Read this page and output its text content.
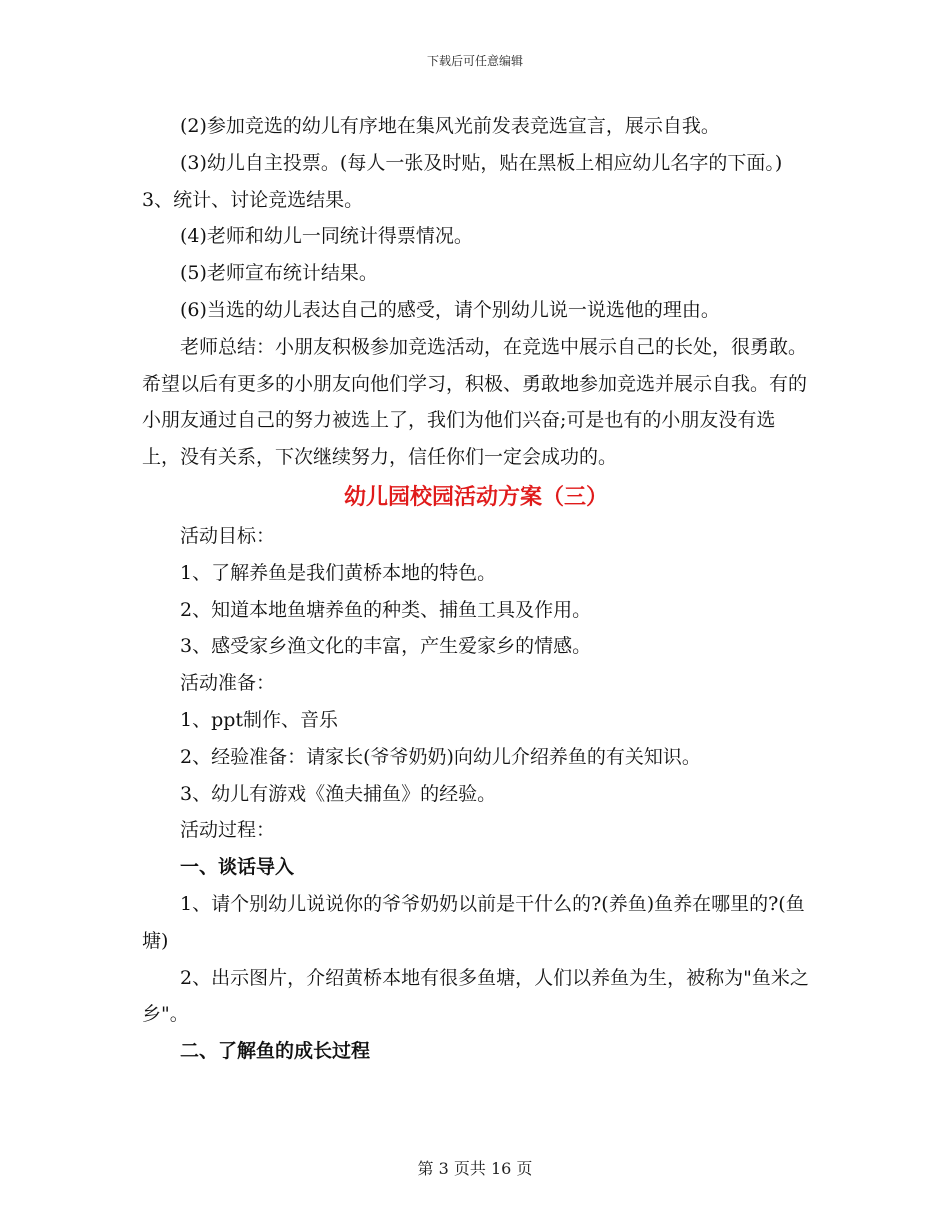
下载后可任意编辑

(2)参加竞选的幼儿有序地在集风光前发表竞选宣言，展示自我。

(3)幼儿自主投票。(每人一张及时贴，贴在黑板上相应幼儿名字的下面。)3、统计、讨论竞选结果。

(4)老师和幼儿一同统计得票情况。

(5)老师宣布统计结果。

(6)当选的幼儿表达自己的感受，请个别幼儿说一说选他的理由。

老师总结：小朋友积极参加竞选活动，在竞选中展示自己的长处，很勇敢。希望以后有更多的小朋友向他们学习，积极、勇敢地参加竞选并展示自我。有的小朋友通过自己的努力被选上了，我们为他们兴奋;可是也有的小朋友没有选上，没有关系，下次继续努力，信任你们一定会成功的。

幼儿园校园活动方案（三）

活动目标：

1、了解养鱼是我们黄桥本地的特色。

2、知道本地鱼塘养鱼的种类、捕鱼工具及作用。

3、感受家乡渔文化的丰富，产生爱家乡的情感。

活动准备：

1、ppt制作、音乐

2、经验准备：请家长(爷爷奶奶)向幼儿介绍养鱼的有关知识。

3、幼儿有游戏《渔夫捕鱼》的经验。

活动过程：

一、谈话导入

1、请个别幼儿说说你的爷爷奶奶以前是干什么的?(养鱼)鱼养在哪里的?(鱼塘)

2、出示图片，介绍黄桥本地有很多鱼塘，人们以养鱼为生，被称为"鱼米之乡"。

二、了解鱼的成长过程

第 3 页共 16 页
